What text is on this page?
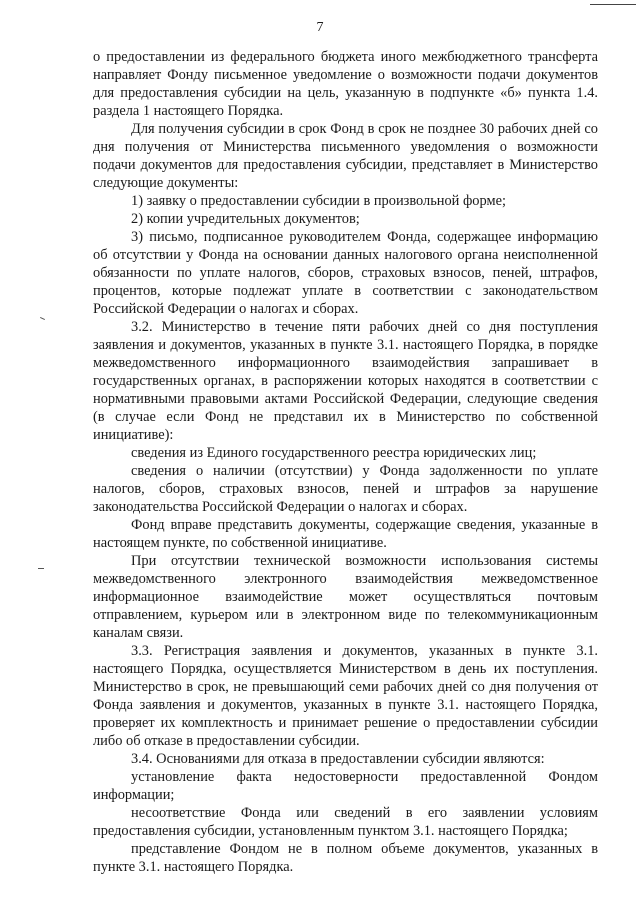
7

о предоставлении из федерального бюджета иного межбюджетного трансферта направляет Фонду письменное уведомление о возможности подачи документов для предоставления субсидии на цель, указанную в подпункте «б» пункта 1.4. раздела 1 настоящего Порядка.

Для получения субсидии в срок Фонд в срок не позднее 30 рабочих дней со дня получения от Министерства письменного уведомления о возможности подачи документов для предоставления субсидии, представляет в Министерство следующие документы:

1) заявку о предоставлении субсидии в произвольной форме;

2) копии учредительных документов;

3) письмо, подписанное руководителем Фонда, содержащее информацию об отсутствии у Фонда на основании данных налогового органа неисполненной обязанности по уплате налогов, сборов, страховых взносов, пеней, штрафов, процентов, которые подлежат уплате в соответствии с законодательством Российской Федерации о налогах и сборах.

3.2. Министерство в течение пяти рабочих дней со дня поступления заявления и документов, указанных в пункте 3.1. настоящего Порядка, в порядке межведомственного информационного взаимодействия запрашивает в государственных органах, в распоряжении которых находятся в соответствии с нормативными правовыми актами Российской Федерации, следующие сведения (в случае если Фонд не представил их в Министерство по собственной инициативе):

сведения из Единого государственного реестра юридических лиц;

сведения о наличии (отсутствии) у Фонда задолженности по уплате налогов, сборов, страховых взносов, пеней и штрафов за нарушение законодательства Российской Федерации о налогах и сборах.

Фонд вправе представить документы, содержащие сведения, указанные в настоящем пункте, по собственной инициативе.

При отсутствии технической возможности использования системы межведомственного электронного взаимодействия межведомственное информационное взаимодействие может осуществляться почтовым отправлением, курьером или в электронном виде по телекоммуникационным каналам связи.

3.3. Регистрация заявления и документов, указанных в пункте 3.1. настоящего Порядка, осуществляется Министерством в день их поступления. Министерство в срок, не превышающий семи рабочих дней со дня получения от Фонда заявления и документов, указанных в пункте 3.1. настоящего Порядка, проверяет их комплектность и принимает решение о предоставлении субсидии либо об отказе в предоставлении субсидии.

3.4. Основаниями для отказа в предоставлении субсидии являются:

установление факта недостоверности предоставленной Фондом информации;

несоответствие Фонда или сведений в его заявлении условиям предоставления субсидии, установленным пунктом 3.1. настоящего Порядка;

представление Фондом не в полном объеме документов, указанных в пункте 3.1. настоящего Порядка.
